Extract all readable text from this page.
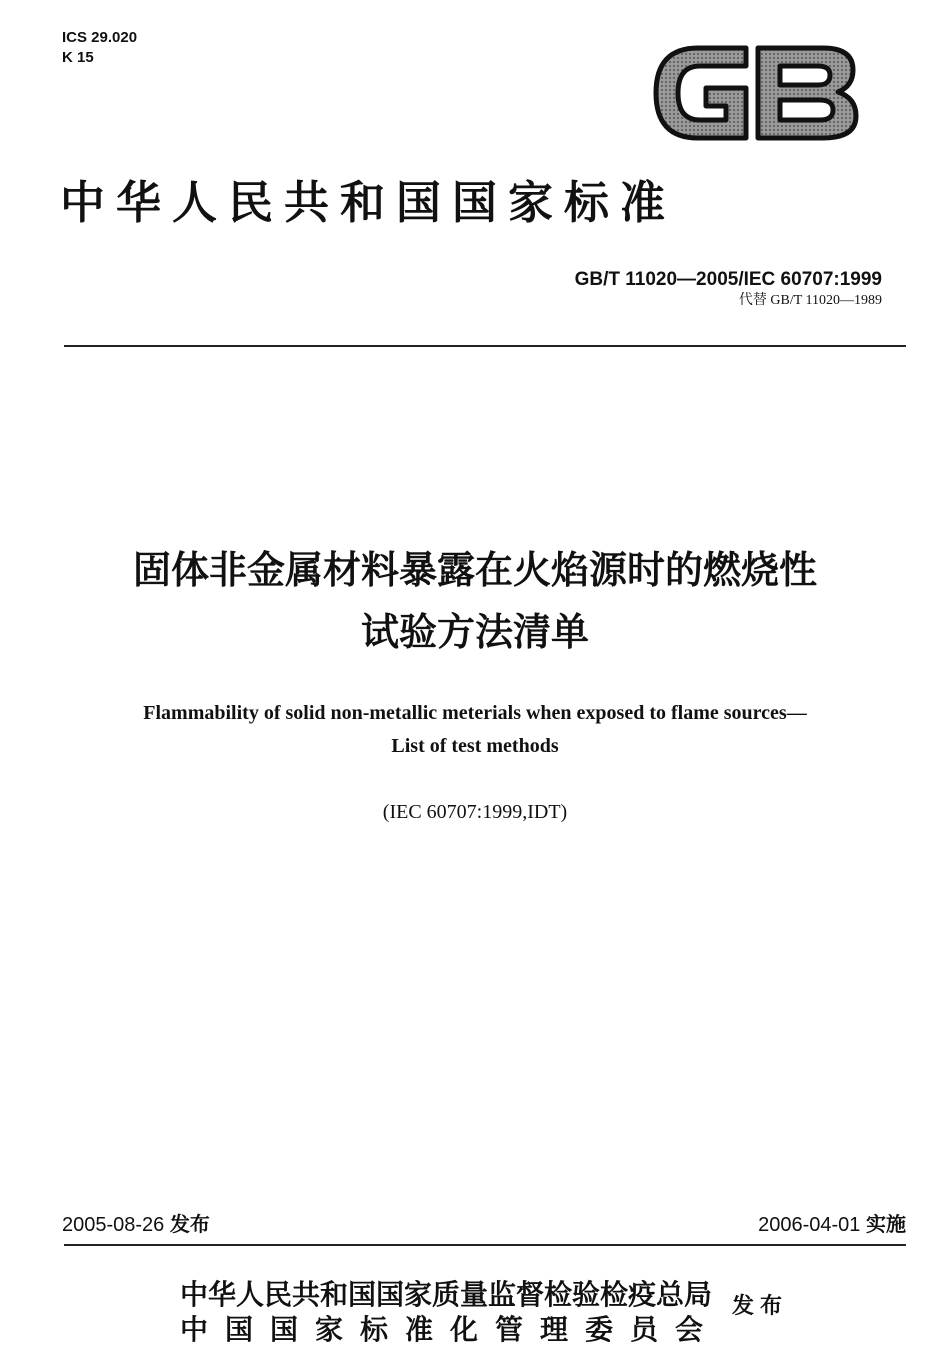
ICS 29.020
K 15
中华人民共和国国家标准
GB/T 11020—2005/IEC 60707:1999
代替 GB/T 11020—1989
固体非金属材料暴露在火焰源时的燃烧性
试验方法清单
Flammability of solid non-metallic meterials when exposed to flame sources—
List of test methods
(IEC 60707:1999,IDT)
2005-08-26 发布	2006-04-01 实施
中华人民共和国国家质量监督检验检疫总局
中国国家标准化管理委员会
发布
